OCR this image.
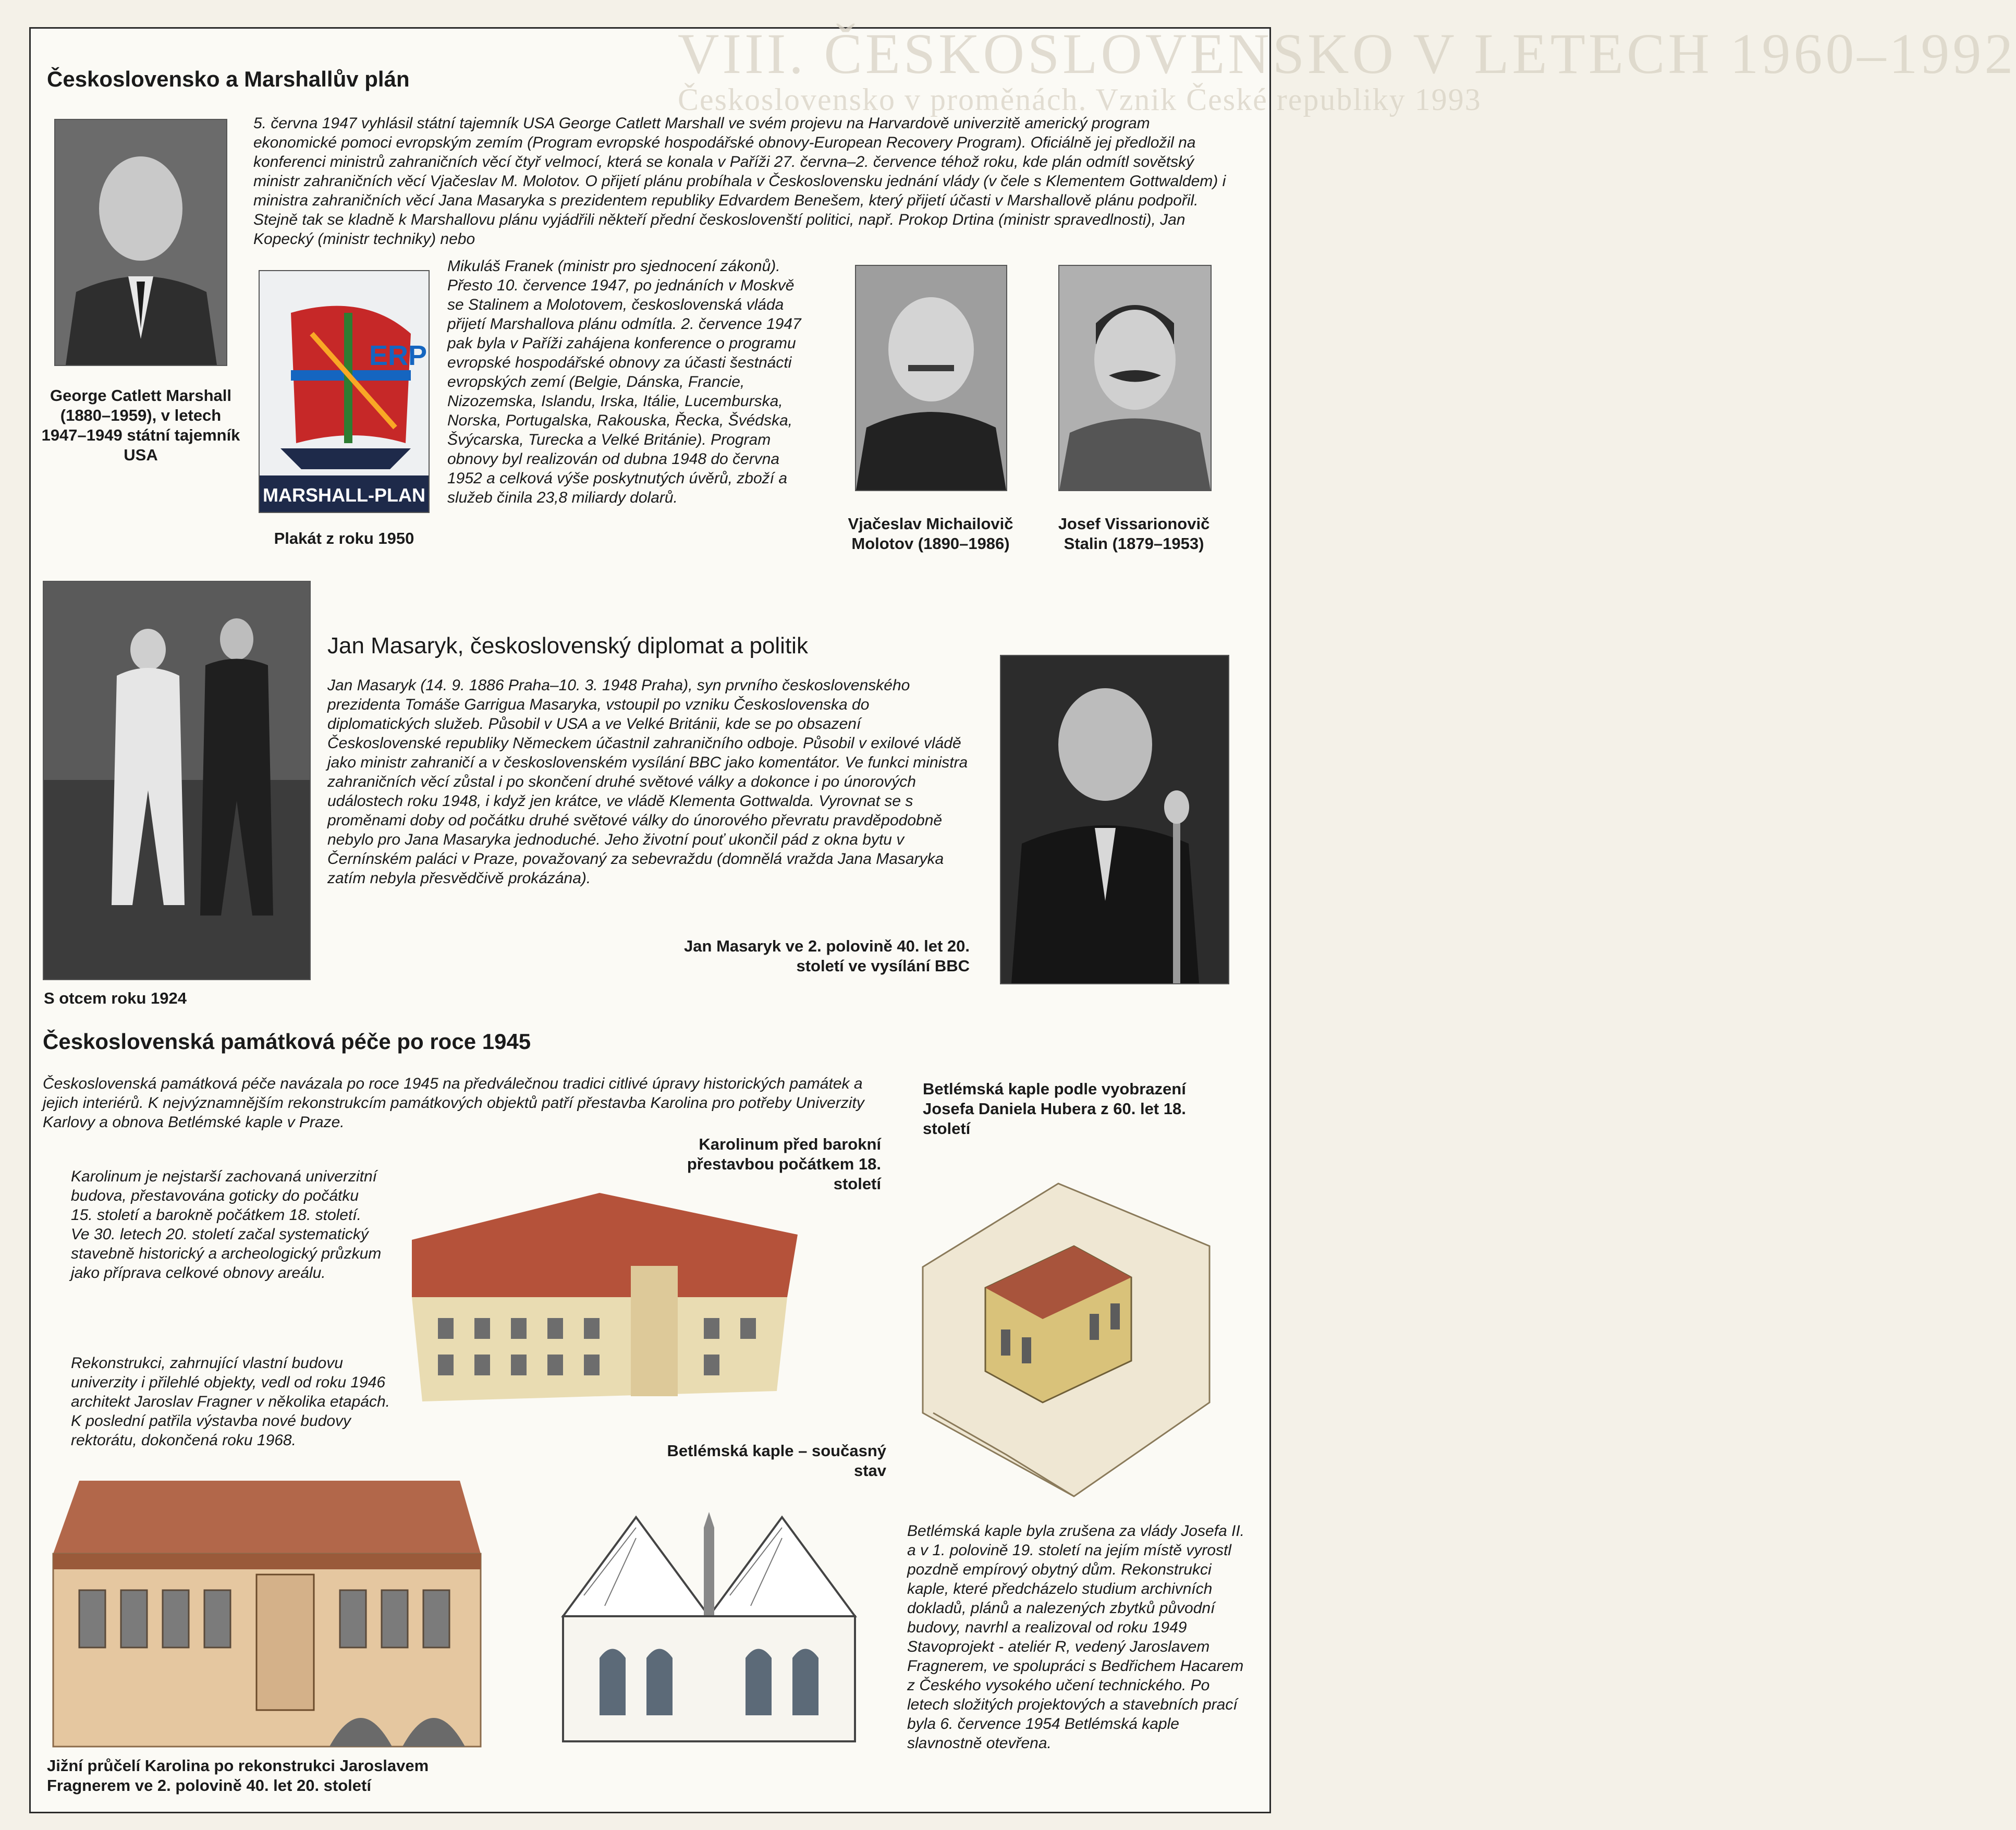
VIII. ČESKOSLOVENSKO V LETECH 1960–1992
Československo v proměnách. Vznik České republiky 1993
Československo a Marshallův plán
George Catlett Marshall (1880–1959), v letech 1947–1949 státní tajemník USA
5. června 1947 vyhlásil státní tajemník USA George Catlett Marshall ve svém projevu na Harvardově univerzitě americký program ekonomické pomoci evropským zemím (Program evropské hospodářské obnovy-European Recovery Program). Oficiálně jej předložil na konferenci ministrů zahraničních věcí čtyř velmocí, která se konala v Paříži 27. června–2. července téhož roku, kde plán odmítl sovětský ministr zahraničních věcí Vjačeslav M. Molotov. O přijetí plánu probíhala v Československu jednání vlády (v čele s Klementem Gottwaldem) i ministra zahraničních věcí Jana Masaryka s prezidentem republiky Edvardem Benešem, který přijetí účasti v Marshallově plánu podpořil. Stejně tak se kladně k Marshallovu plánu vyjádřili někteří přední českoslovenští politici, např. Prokop Drtina (ministr spravedlnosti), Jan Kopecký (ministr techniky) nebo
ERP
MARSHALL-PLAN
Plakát z roku 1950
Mikuláš Franek (ministr pro sjednocení zákonů). Přesto 10. července 1947, po jednáních v Moskvě se Stalinem a Molotovem, československá vláda přijetí Marshallova plánu odmítla. 2. července 1947 pak byla v Paříži zahájena konference o programu evropské hospodářské obnovy za účasti šestnácti evropských zemí (Belgie, Dánska, Francie, Nizozemska, Islandu, Irska, Itálie, Lucemburska, Norska, Portugalska, Rakouska, Řecka, Švédska, Švýcarska, Turecka a Velké Británie). Program obnovy byl realizován od dubna 1948 do června 1952 a celková výše poskytnutých úvěrů, zboží a služeb činila 23,8 miliardy dolarů.
Vjačeslav Michailovič Molotov (1890–1986)
Josef Vissarionovič Stalin (1879–1953)
S otcem roku 1924
Jan Masaryk, československý diplomat a politik
Jan Masaryk (14. 9. 1886 Praha–10. 3. 1948 Praha), syn prvního československého prezidenta Tomáše Garrigua Masaryka, vstoupil po vzniku Československa do diplomatických služeb. Působil v USA a ve Velké Británii, kde se po obsazení Československé republiky Německem účastnil zahraničního odboje. Působil v exilové vládě jako ministr zahraničí a v československém vysílání BBC jako komentátor. Ve funkci ministra zahraničních věcí zůstal i po skončení druhé světové války a dokonce i po únorových událostech roku 1948, i když jen krátce, ve vládě Klementa Gottwalda. Vyrovnat se s proměnami doby od počátku druhé světové války do únorového převratu pravděpodobně nebylo pro Jana Masaryka jednoduché. Jeho životní pouť ukončil pád z okna bytu v Černínském paláci v Praze, považovaný za sebevraždu (domnělá vražda Jana Masaryka zatím nebyla přesvědčivě prokázána).
Jan Masaryk ve 2. polovině 40. let 20. století ve vysílání BBC
Československá památková péče po roce 1945
Československá památková péče navázala po roce 1945 na předválečnou tradici citlivé úpravy historických památek a jejich interiérů. K nejvýznamnějším rekonstrukcím památkových objektů patří přestavba Karolina pro potřeby Univerzity Karlovy a obnova Betlémské kaple v Praze.
Karolinum je nejstarší zachovaná univerzitní budova, přestavována goticky do počátku 15. století a barokně počátkem 18. století. Ve 30. letech 20. století začal systematický stavebně historický a archeologický průzkum jako příprava celkové obnovy areálu.
Rekonstrukci, zahrnující vlastní budovu univerzity i přilehlé objekty, vedl od roku 1946 architekt Jaroslav Fragner v několika etapách. K poslední patřila výstavba nové budovy rektorátu, dokončená roku 1968.
Karolinum před barokní přestavbou počátkem 18. století
Betlémská kaple podle vyobrazení Josefa Daniela Hubera z 60. let 18. století
Betlémská kaple – současný stav
Jižní průčelí Karolina po rekonstrukci Jaroslavem Fragnerem ve 2. polovině 40. let 20. století
Betlémská kaple byla zrušena za vlády Josefa II. a v 1. polovině 19. století na jejím místě vyrostl pozdně empírový obytný dům. Rekonstrukci kaple, které předcházelo studium archivních dokladů, plánů a nalezených zbytků původní budovy, navrhl a realizoval od roku 1949 Stavoprojekt - ateliér R, vedený Jaroslavem Fragnerem, ve spolupráci s Bedřichem Hacarem z Českého vysokého učení technického. Po letech složitých projektových a stavebních prací byla 6. července 1954 Betlémská kaple slavnostně otevřena.
